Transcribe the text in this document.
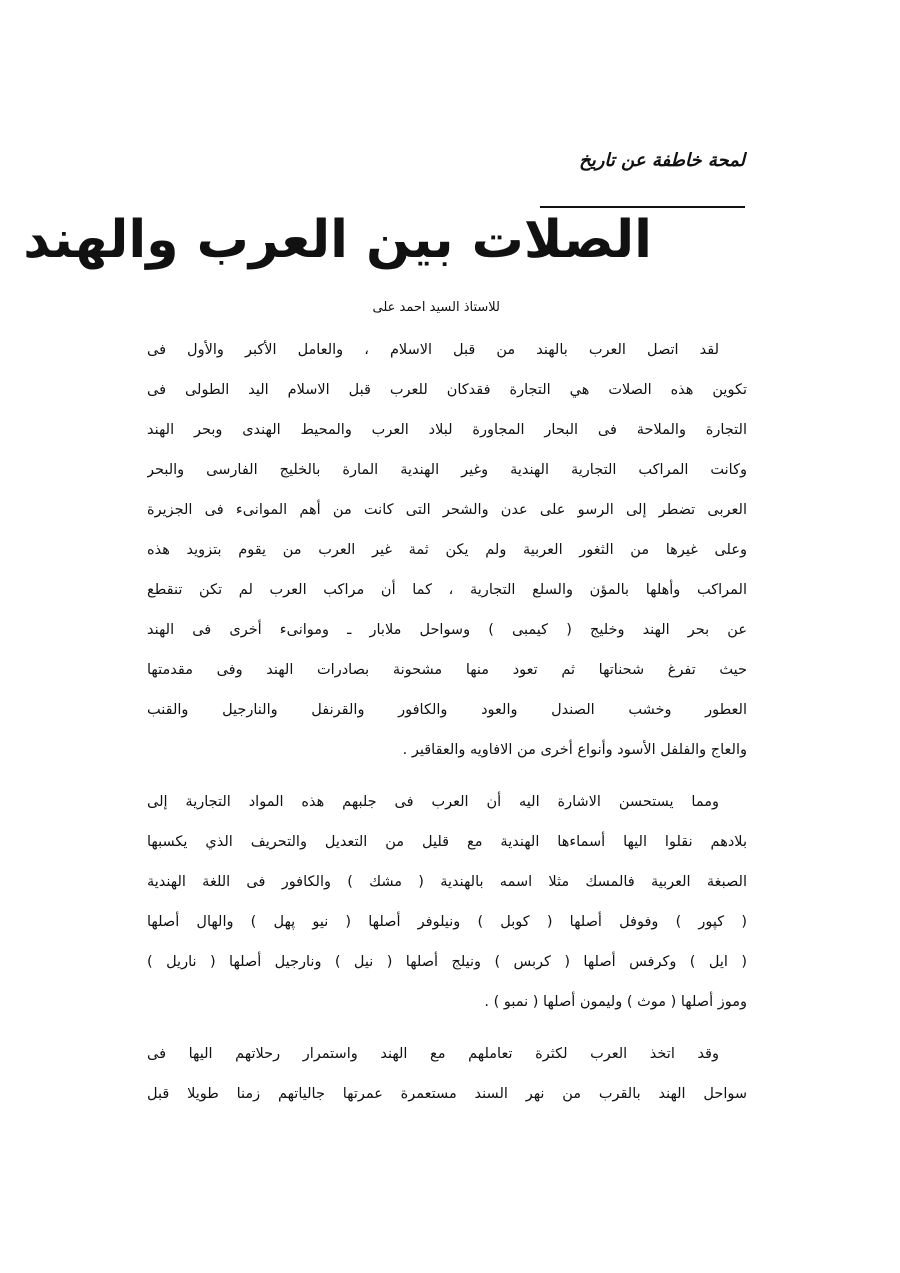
لمحة خاطفة عن تاريخ
الصلات بين العرب والهند
للاستاذ السيد احمد على
لقد اتصل العرب بالهند من قبل الاسلام ، والعامل الأكبر والأول فى
تكوين هذه الصلات هي التجارة فقدكان للعرب قبل الاسلام اليد الطولى فى
التجارة والملاحة فى البحار المجاورة لبلاد العرب والمحيط الهندى وبحر الهند
وكانت المراكب التجارية الهندية وغير الهندية المارة بالخليج الفارسى والبحر
العربى تضطر إلى الرسو على عدن والشحر التى كانت من أهم الموانىء فى الجزيرة
وعلى غيرها من الثغور العربية ولم يكن ثمة غير العرب من يقوم بتزويد هذه
المراكب وأهلها بالمؤن والسلع التجارية ، كما أن مراكب العرب لم تكن تنقطع
عن بحر الهند وخليج ( كيمبى ) وسواحل ملابار ـ وموانىء أخرى فى الهند
حيث تفرغ شحناتها ثم تعود منها مشحونة بصادرات الهند وفى مقدمتها
العطور وخشب الصندل والعود والكافور والقرنفل والنارجيل والقنب
والعاج والفلفل الأسود وأنواع أخرى من الافاويه والعقاقير .
ومما يستحسن الاشارة اليه أن العرب فى جلبهم هذه المواد التجارية إلى
بلادهم نقلوا اليها أسماءها الهندية مع قليل من التعديل والتحريف الذي يكسبها
الصبغة العربية فالمسك مثلا اسمه بالهندية ( مشك ) والكافور فى اللغة الهندية
( كپور ) وفوفل أصلها ( كوبل ) ونيلوفر أصلها ( نيو پهل ) والهال أصلها
( ايل ) وكرفس أصلها ( كربس ) ونيلج أصلها ( نيل ) ونارجيل أصلها ( ناريل )
وموز أصلها ( موث ) وليمون أصلها ( نمبو ) .
وقد اتخذ العرب لكثرة تعاملهم مع الهند واستمرار رحلاتهم اليها فى
سواحل الهند بالقرب من نهر السند مستعمرة عمرتها جالياتهم زمنا طويلا قبل
